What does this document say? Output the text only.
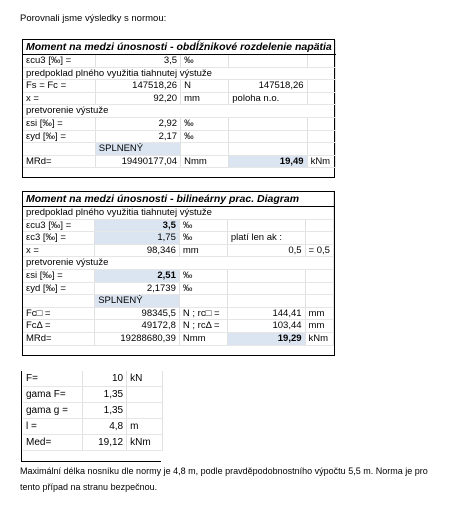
Porovnali jsme výsledky s normou:
Moment na medzi únosnosti - obdĺžnikové rozdelenie napätia				
εcu3 [‰] =	3,5	‰		
predpoklad plného využitia tiahnutej výstuže				
Fs = Fc =	147518,26	N	147518,26	
x =	92,20	mm	poloha n.o.	
pretvorenie výstuže				
εsi [‰] =	2,92	‰		
εyd [‰] =	2,17	‰		
	SPLNENÝ			
MRd=	19490177,04	Nmm	19,49	kNm
Moment na medzi únosnosti - bilineárny prac. Diagram				
predpoklad plného využitia tiahnutej výstuže				
εcu3 [‰] =	3,5	‰		
εc3 [‰] =	1,75	‰	platí len ak :	
x =	98,346	mm	0,5	= 0,5
pretvorenie výstuže				
εsi [‰] =	2,51	‰		
εyd [‰] =	2,1739	‰		
	SPLNENÝ			
Fc□ =	98345,5	N ; rc□ =	144,41	mm
FcΔ =	49172,8	N ; rcΔ =	103,44	mm
MRd=	19288680,39	Nmm	19,29	kNm
F=	10	kN
gama F=	1,35	
gama g =	1,35	
l =	4,8	m
Med=	19,12	kNm
Maximální délka nosníku dle normy je 4,8 m, podle pravděpodobnostního výpočtu 5,5 m. Norma je pro tento případ na stranu bezpečnou.
